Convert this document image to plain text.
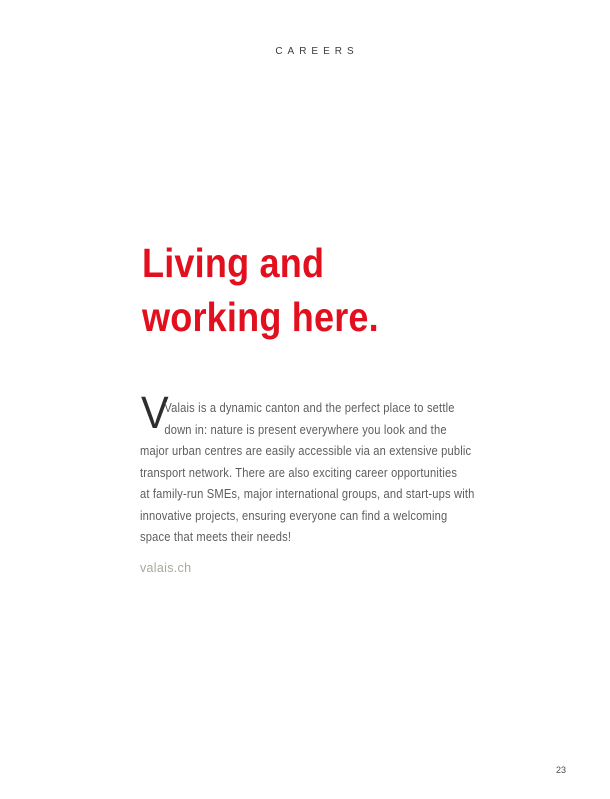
CAREERS
Living and
working here.
V
Valais is a dynamic canton and the perfect place to settle
down in: nature is present everywhere you look and the
major urban centres are easily accessible via an extensive public
transport network. There are also exciting career opportunities
at family-run SMEs, major international groups, and start-ups with
innovative projects, ensuring everyone can find a welcoming
space that meets their needs!
valais.ch
23
